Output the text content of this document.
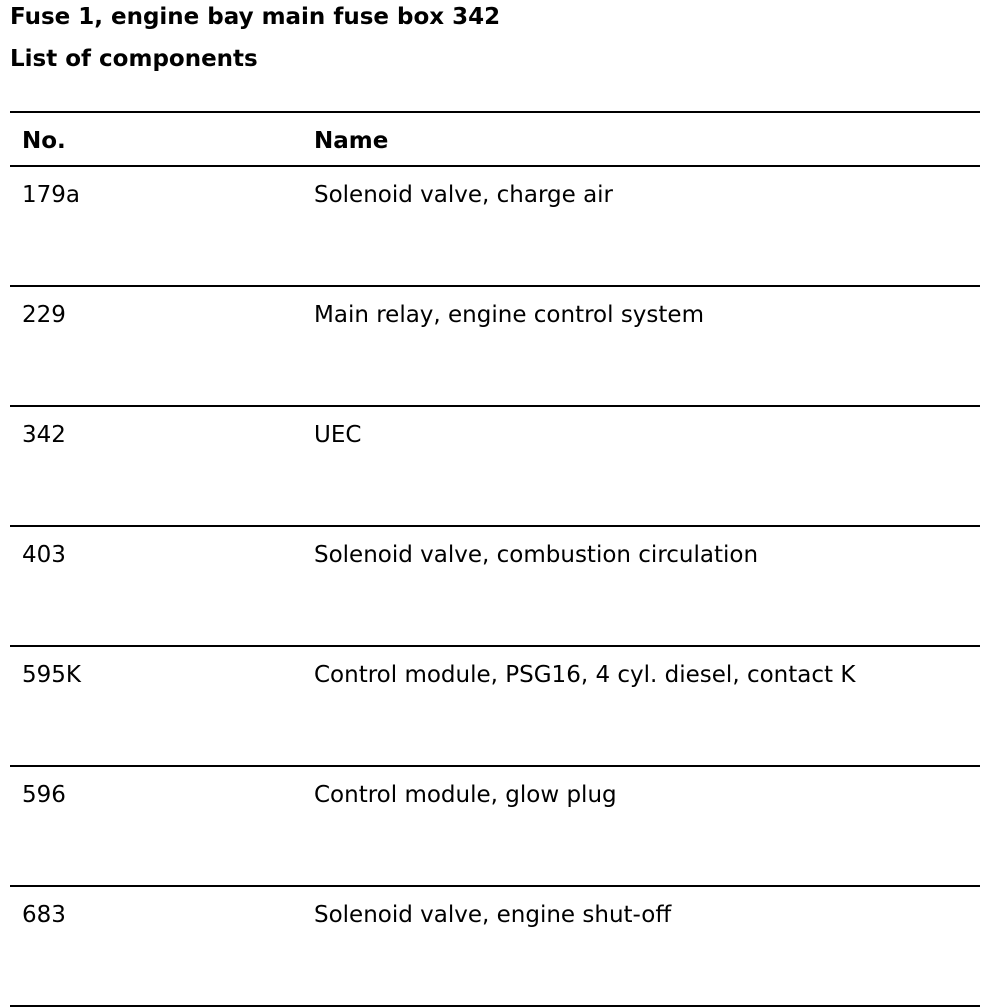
Fuse 1, engine bay main fuse box 342
List of components
No.	Name
179a	Solenoid valve, charge air
229	Main relay, engine control system
342	UEC
403	Solenoid valve, combustion circulation
595K	Control module, PSG16, 4 cyl. diesel, contact K
596	Control module, glow plug
683	Solenoid valve, engine shut-off
